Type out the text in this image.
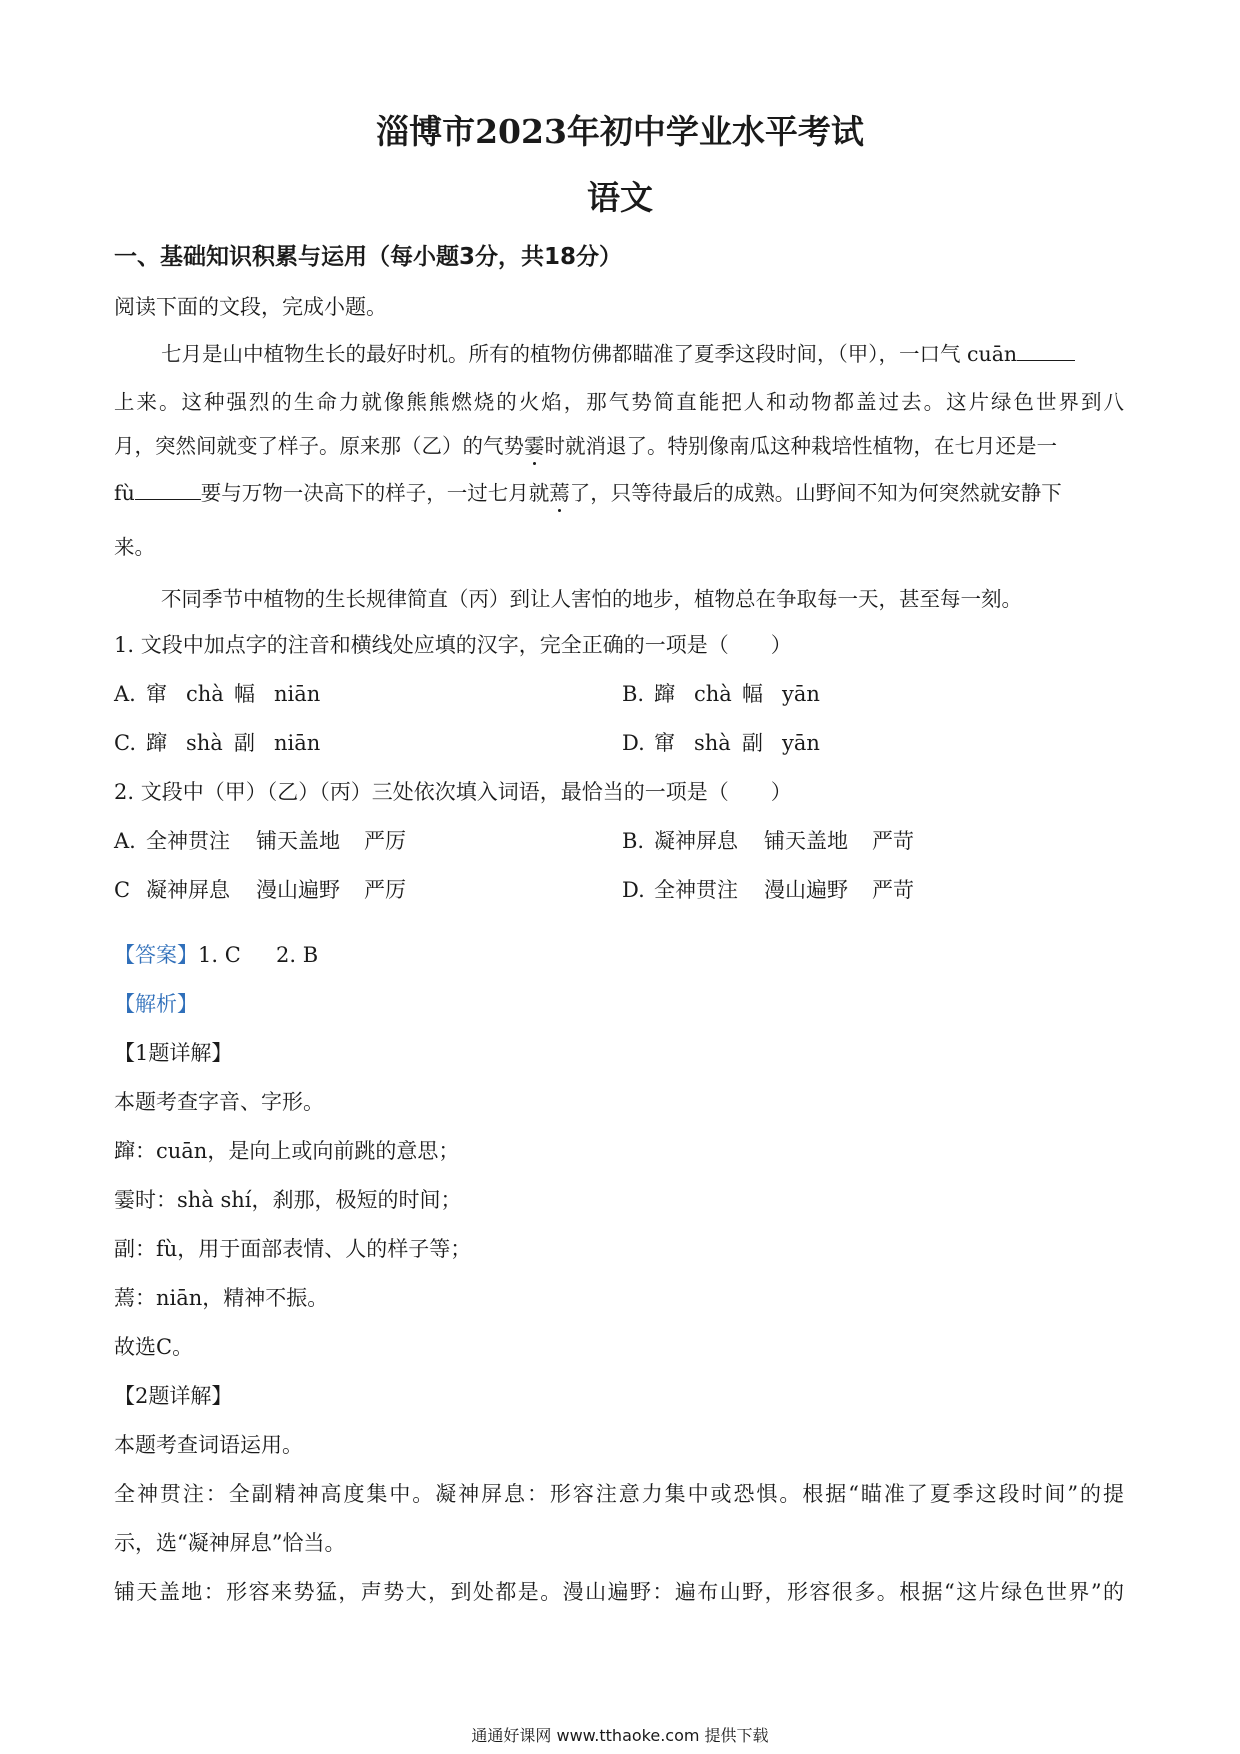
淄博市2023年初中学业水平考试
语文
一、基础知识积累与运用（每小题3分，共18分）
阅读下面的文段，完成小题。
七月是山中植物生长的最好时机。所有的植物仿佛都瞄准了夏季这段时间，（甲），一口气 cuān
上来。这种强烈的生命力就像熊熊燃烧的火焰，那气势简直能把人和动物都盖过去。这片绿色世界到八
月，突然间就变了样子。原来那（乙）的气势霎时就消退了。特别像南瓜这种栽培性植物，在七月还是一
fù	要与万物一决高下的样子，一过七月就蔫了，只等待最后的成熟。山野间不知为何突然就安静下
来。
不同季节中植物的生长规律简直（丙）到让人害怕的地步，植物总在争取每一天，甚至每一刻。
1. 文段中加点字的注音和横线处应填的汉字，完全正确的一项是（　　）
A. 窜 chà 幅 niān	B. 蹿 chà 幅 yān
C. 蹿 shà 副 niān	D. 窜 shà 副 yān
2. 文段中（甲）（乙）（丙）三处依次填入词语，最恰当的一项是（　　）
A. 全神贯注 铺天盖地 严厉	B. 凝神屏息 铺天盖地 严苛
C 凝神屏息 漫山遍野 严厉	D. 全神贯注 漫山遍野 严苛
【答案】1. C 2. B
【解析】
【1题详解】
本题考查字音、字形。
蹿：cuān，是向上或向前跳的意思；
霎时：shà shí，刹那，极短的时间；
副：fù，用于面部表情、人的样子等；
蔫：niān，精神不振。
故选C。
【2题详解】
本题考查词语运用。
全神贯注：全副精神高度集中。凝神屏息：形容注意力集中或恐惧。根据“瞄准了夏季这段时间”的提
示，选“凝神屏息”恰当。
铺天盖地：形容来势猛，声势大，到处都是。漫山遍野：遍布山野，形容很多。根据“这片绿色世界”的
通通好课网 www.tthaoke.com 提供下载
